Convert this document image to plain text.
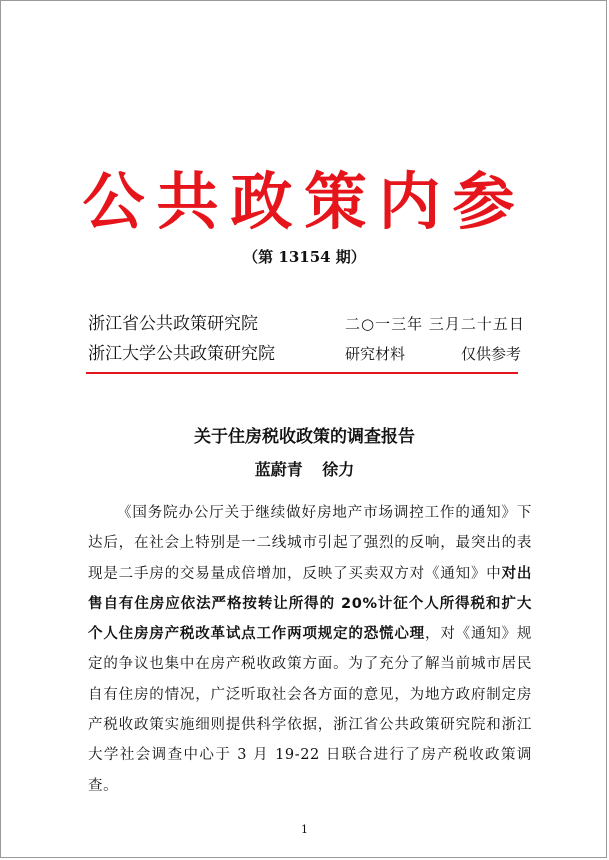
公共政策内参
（第 13154 期）
浙江省公共政策研究院
浙江大学公共政策研究院
二○一三年 三月二十五日
研究材料	仅供参考
关于住房税收政策的调查报告
蓝蔚青 徐力
《国务院办公厅关于继续做好房地产市场调控工作的通知》下达后，在社会上特别是一二线城市引起了强烈的反响，最突出的表现是二手房的交易量成倍增加，反映了买卖双方对《通知》中对出售自有住房应依法严格按转让所得的 20%计征个人所得税和扩大个人住房房产税改革试点工作两项规定的恐慌心理，对《通知》规定的争议也集中在房产税收政策方面。为了充分了解当前城市居民自有住房的情况，广泛听取社会各方面的意见，为地方政府制定房产税收政策实施细则提供科学依据，浙江省公共政策研究院和浙江大学社会调查中心于 3 月 19-22 日联合进行了房产税收政策调查。
1
